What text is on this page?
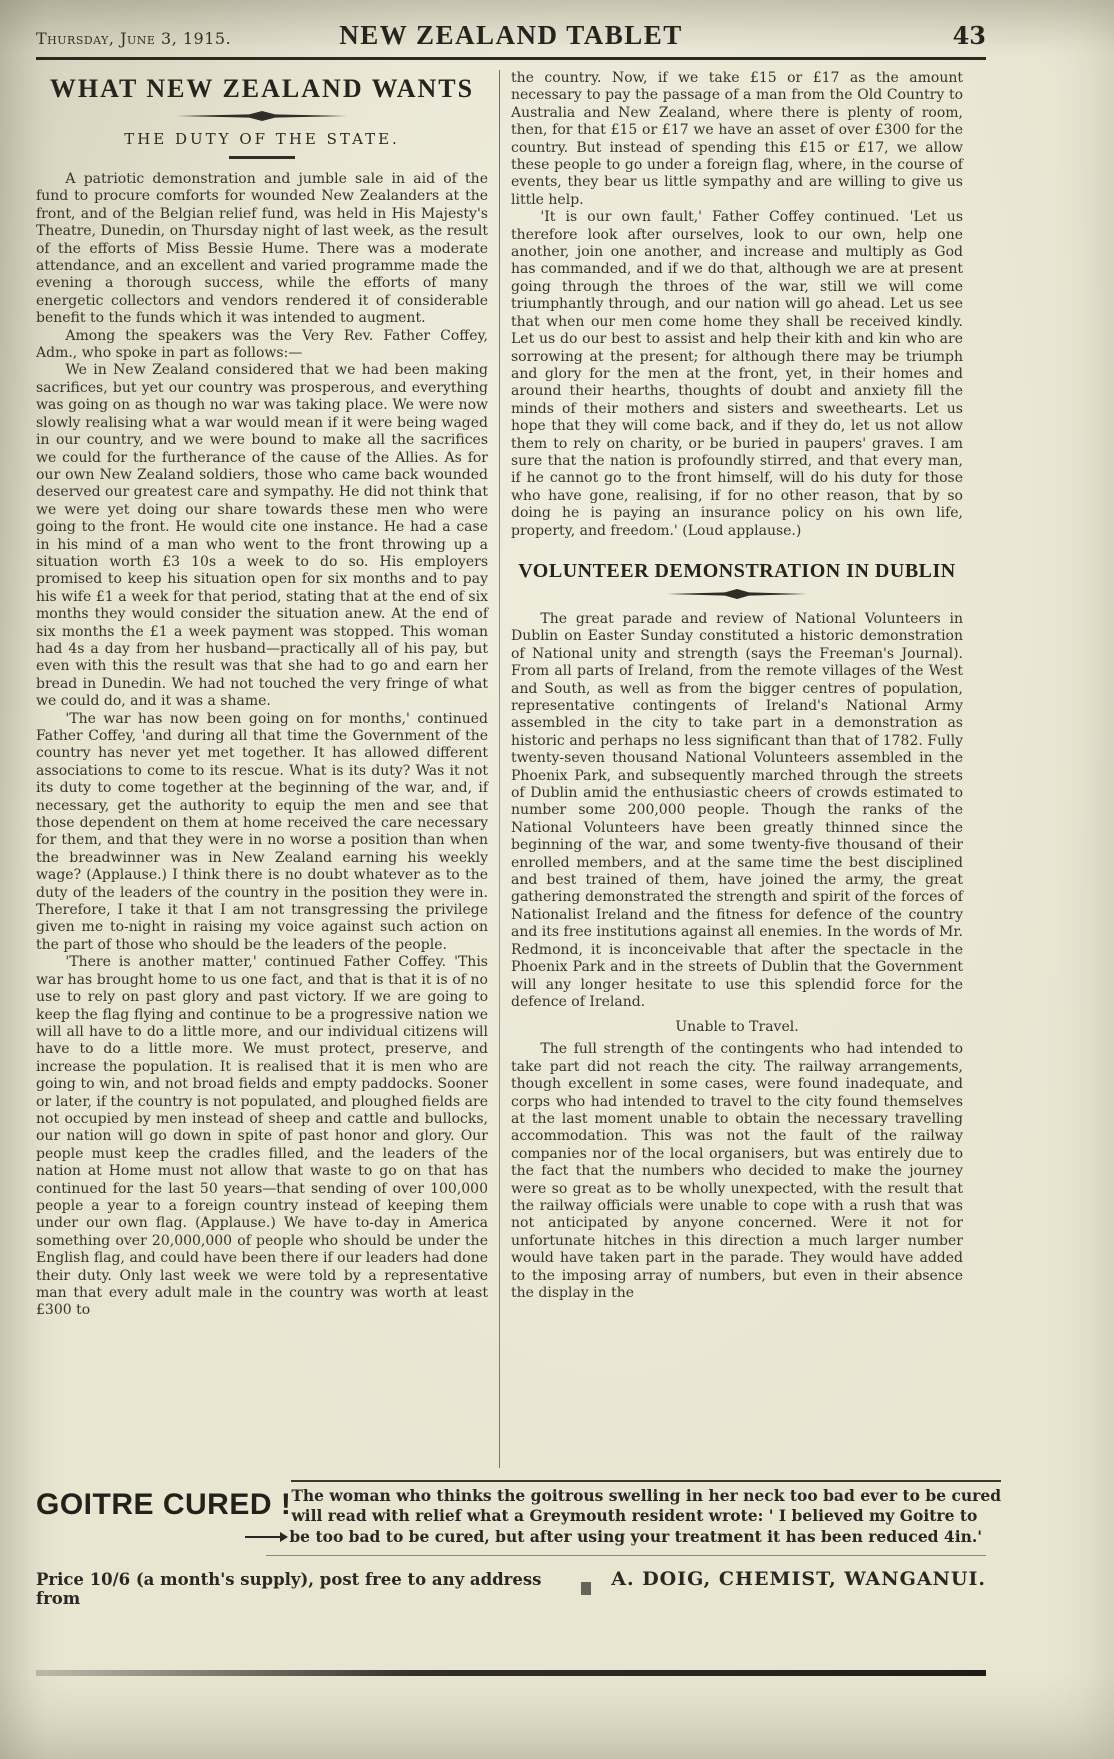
Thursday, June 3, 1915.	NEW ZEALAND TABLET	43
WHAT NEW ZEALAND WANTS
THE DUTY OF THE STATE.

A patriotic demonstration and jumble sale in aid of the fund to procure comforts for wounded New Zealanders at the front, and of the Belgian relief fund, was held in His Majesty's Theatre, Dunedin, on Thursday night of last week, as the result of the efforts of Miss Bessie Hume. There was a moderate attendance, and an excellent and varied programme made the evening a thorough success, while the efforts of many energetic collectors and vendors rendered it of considerable benefit to the funds which it was intended to augment.

Among the speakers was the Very Rev. Father Coffey, Adm., who spoke in part as follows:—

We in New Zealand considered that we had been making sacrifices, but yet our country was prosperous, and everything was going on as though no war was taking place. We were now slowly realising what a war would mean if it were being waged in our country, and we were bound to make all the sacrifices we could for the furtherance of the cause of the Allies. As for our own New Zealand soldiers, those who came back wounded deserved our greatest care and sympathy. He did not think that we were yet doing our share towards these men who were going to the front. He would cite one instance. He had a case in his mind of a man who went to the front throwing up a situation worth £3 10s a week to do so. His employers promised to keep his situation open for six months and to pay his wife £1 a week for that period, stating that at the end of six months they would consider the situation anew. At the end of six months the £1 a week payment was stopped. This woman had 4s a day from her husband—practically all of his pay, but even with this the result was that she had to go and earn her bread in Dunedin. We had not touched the very fringe of what we could do, and it was a shame.

'The war has now been going on for months,' continued Father Coffey, 'and during all that time the Government of the country has never yet met together. It has allowed different associations to come to its rescue. What is its duty? Was it not its duty to come together at the beginning of the war, and, if necessary, get the authority to equip the men and see that those dependent on them at home received the care necessary for them, and that they were in no worse a position than when the breadwinner was in New Zealand earning his weekly wage? (Applause.) I think there is no doubt whatever as to the duty of the leaders of the country in the position they were in. Therefore, I take it that I am not transgressing the privilege given me to-night in raising my voice against such action on the part of those who should be the leaders of the people.

'There is another matter,' continued Father Coffey. 'This war has brought home to us one fact, and that is that it is of no use to rely on past glory and past victory. If we are going to keep the flag flying and continue to be a progressive nation we will all have to do a little more, and our individual citizens will have to do a little more. We must protect, preserve, and increase the population. It is realised that it is men who are going to win, and not broad fields and empty paddocks. Sooner or later, if the country is not populated, and ploughed fields are not occupied by men instead of sheep and cattle and bullocks, our nation will go down in spite of past honor and glory. Our people must keep the cradles filled, and the leaders of the nation at Home must not allow that waste to go on that has continued for the last 50 years—that sending of over 100,000 people a year to a foreign country instead of keeping them under our own flag. (Applause.) We have to-day in America something over 20,000,000 of people who should be under the English flag, and could have been there if our leaders had done their duty. Only last week we were told by a representative man that every adult male in the country was worth at least £300 to

the country. Now, if we take £15 or £17 as the amount necessary to pay the passage of a man from the Old Country to Australia and New Zealand, where there is plenty of room, then, for that £15 or £17 we have an asset of over £300 for the country. But instead of spending this £15 or £17, we allow these people to go under a foreign flag, where, in the course of events, they bear us little sympathy and are willing to give us little help.

'It is our own fault,' Father Coffey continued. 'Let us therefore look after ourselves, look to our own, help one another, join one another, and increase and multiply as God has commanded, and if we do that, although we are at present going through the throes of the war, still we will come triumphantly through, and our nation will go ahead. Let us see that when our men come home they shall be received kindly. Let us do our best to assist and help their kith and kin who are sorrowing at the present; for although there may be triumph and glory for the men at the front, yet, in their homes and around their hearths, thoughts of doubt and anxiety fill the minds of their mothers and sisters and sweethearts. Let us hope that they will come back, and if they do, let us not allow them to rely on charity, or be buried in paupers' graves. I am sure that the nation is profoundly stirred, and that every man, if he cannot go to the front himself, will do his duty for those who have gone, realising, if for no other reason, that by so doing he is paying an insurance policy on his own life, property, and freedom.' (Loud applause.)

VOLUNTEER DEMONSTRATION IN DUBLIN

The great parade and review of National Volunteers in Dublin on Easter Sunday constituted a historic demonstration of National unity and strength (says the Freeman's Journal). From all parts of Ireland, from the remote villages of the West and South, as well as from the bigger centres of population, representative contingents of Ireland's National Army assembled in the city to take part in a demonstration as historic and perhaps no less significant than that of 1782. Fully twenty-seven thousand National Volunteers assembled in the Phoenix Park, and subsequently marched through the streets of Dublin amid the enthusiastic cheers of crowds estimated to number some 200,000 people. Though the ranks of the National Volunteers have been greatly thinned since the beginning of the war, and some twenty-five thousand of their enrolled members, and at the same time the best disciplined and best trained of them, have joined the army, the great gathering demonstrated the strength and spirit of the forces of Nationalist Ireland and the fitness for defence of the country and its free institutions against all enemies. In the words of Mr. Redmond, it is inconceivable that after the spectacle in the Phoenix Park and in the streets of Dublin that the Government will any longer hesitate to use this splendid force for the defence of Ireland.

Unable to Travel.

The full strength of the contingents who had intended to take part did not reach the city. The railway arrangements, though excellent in some cases, were found inadequate, and corps who had intended to travel to the city found themselves at the last moment unable to obtain the necessary travelling accommodation. This was not the fault of the railway companies nor of the local organisers, but was entirely due to the fact that the numbers who decided to make the journey were so great as to be wholly unexpected, with the result that the railway officials were unable to cope with a rush that was not anticipated by anyone concerned. Were it not for unfortunate hitches in this direction a much larger number would have taken part in the parade. They would have added to the imposing array of numbers, but even in their absence the display in the

GOITRE CURED ! The woman who thinks the goitrous swelling in her neck too bad ever to be cured
will read with relief what a Greymouth resident wrote: ' I believed my Goitre to
be too bad to be cured, but after using your treatment it has been reduced 4in.'
Price 10/6 (a month's supply), post free to any address from
A. DOIG, CHEMIST, WANGANUI.
